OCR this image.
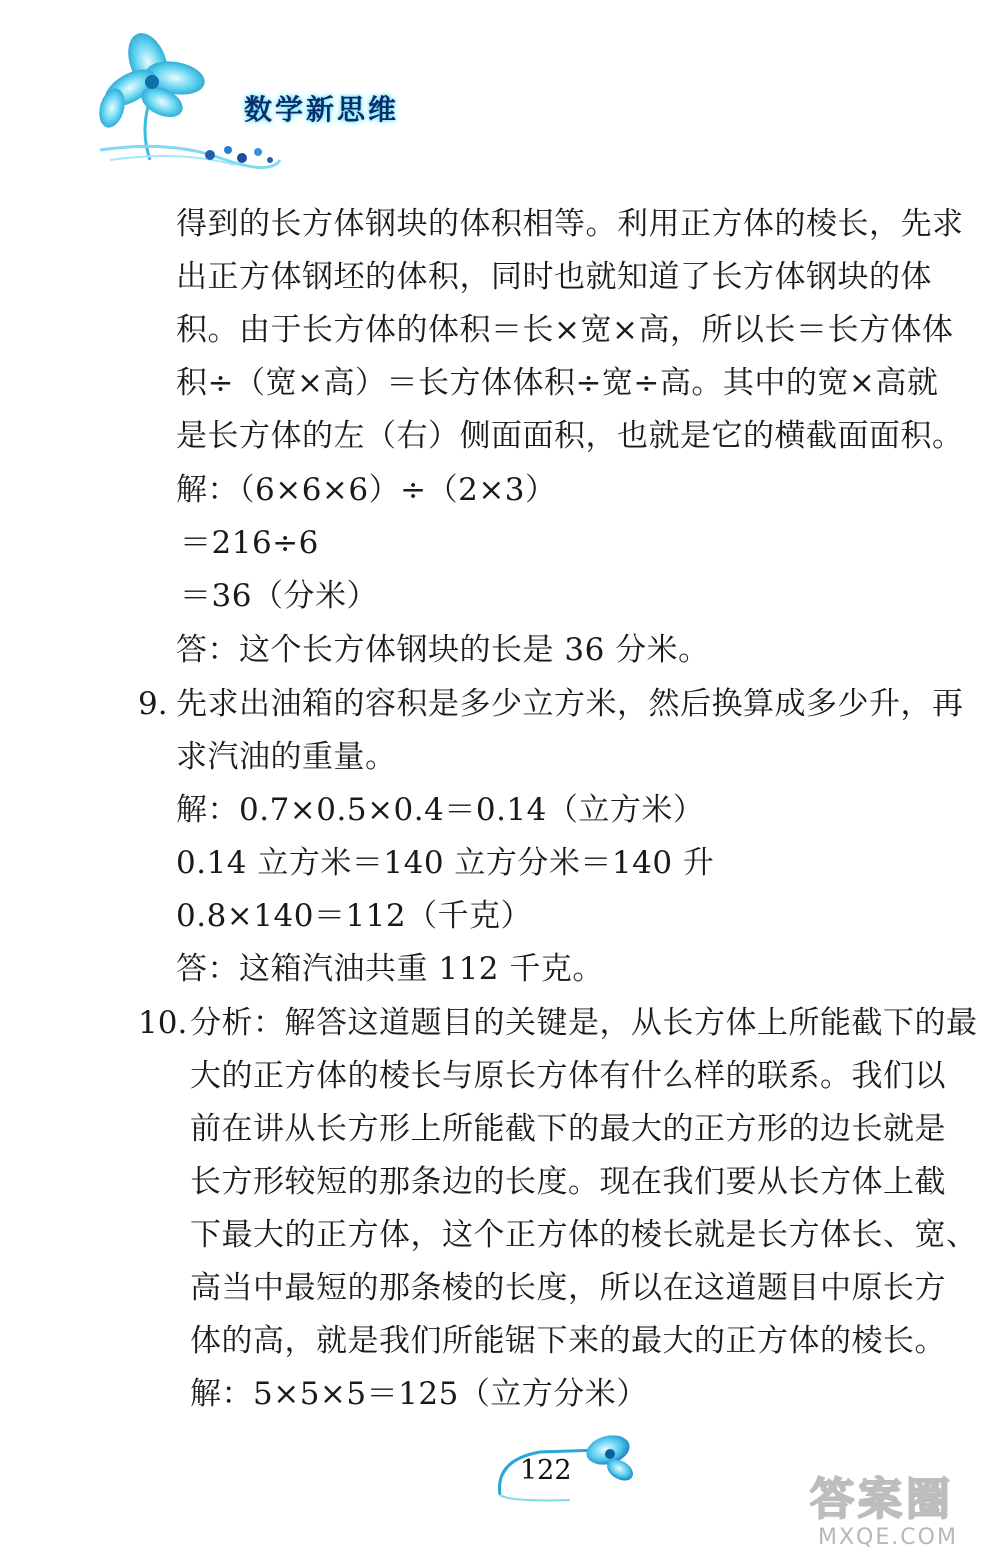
数学新思维
得到的长方体钢块的体积相等。利用正方体的棱长，先求
出正方体钢坯的体积，同时也就知道了长方体钢块的体
积。由于长方体的体积＝长×宽×高，所以长＝长方体体
积÷（宽×高）＝长方体体积÷宽÷高。其中的宽×高就
是长方体的左（右）侧面面积，也就是它的横截面面积。
解：（6×6×6）÷（2×3）
＝216÷6
＝36（分米）
答：这个长方体钢块的长是 36 分米。
9. 先求出油箱的容积是多少立方米，然后换算成多少升，再
求汽油的重量。
解：0.7×0.5×0.4＝0.14（立方米）
0.14 立方米＝140 立方分米＝140 升
0.8×140＝112（千克）
答：这箱汽油共重 112 千克。
10. 分析：解答这道题目的关键是，从长方体上所能截下的最
大的正方体的棱长与原长方体有什么样的联系。我们以
前在讲从长方形上所能截下的最大的正方形的边长就是
长方形较短的那条边的长度。现在我们要从长方体上截
下最大的正方体，这个正方体的棱长就是长方体长、宽、
高当中最短的那条棱的长度，所以在这道题目中原长方
体的高，就是我们所能锯下来的最大的正方体的棱长。
解：5×5×5＝125（立方分米）
122
答案圈
MXQE.COM
